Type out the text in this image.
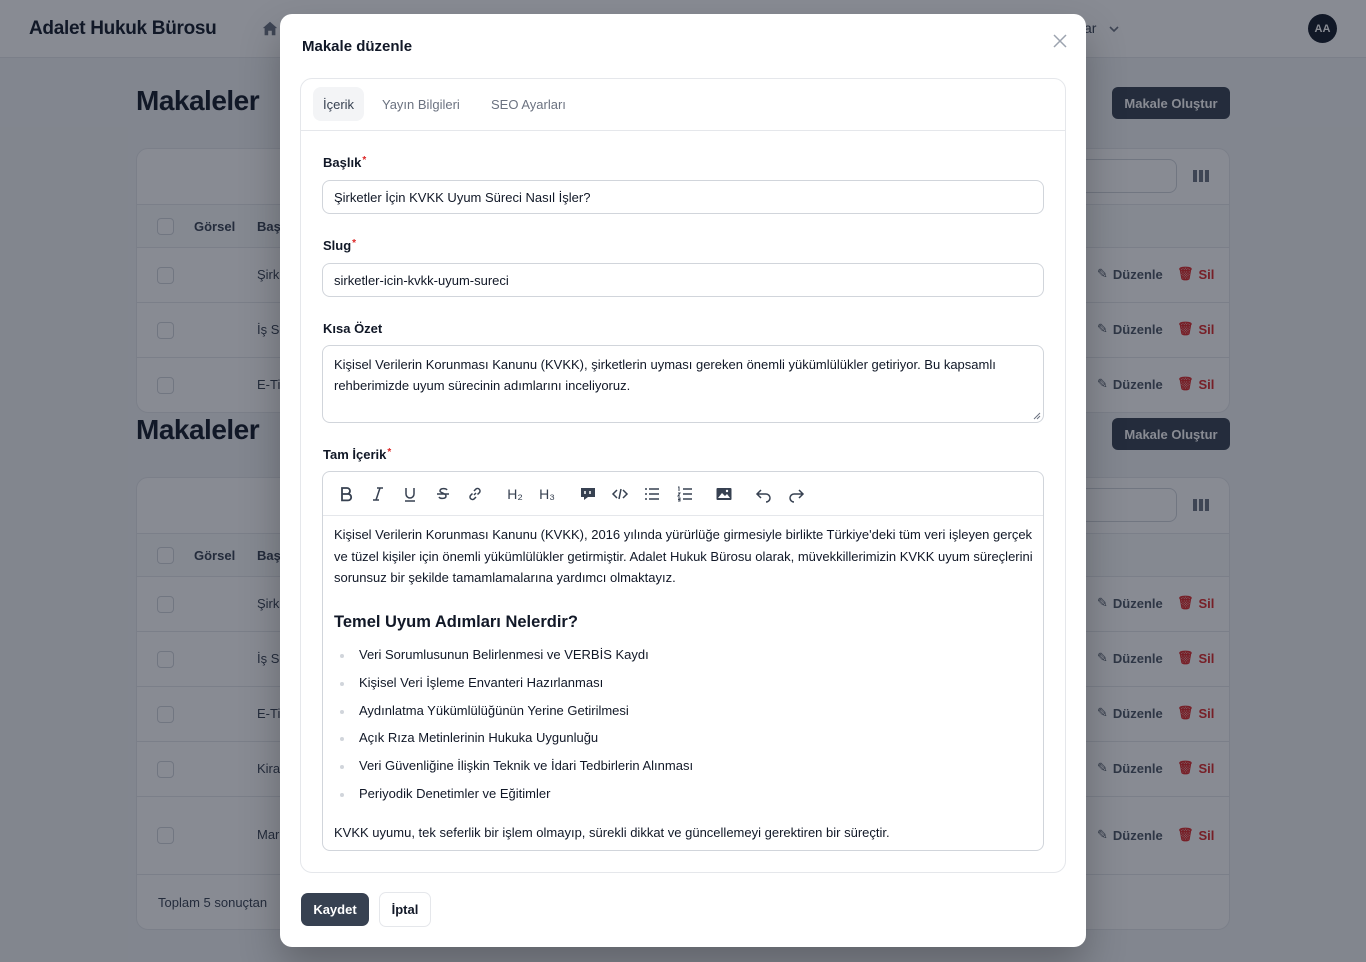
Makale düzenle
İçerik	Yayın Bilgileri	SEO Ayarları
Başlık*
Şirketler İçin KVKK Uyum Süreci Nasıl İşler?
Slug*
sirketler-icin-kvkk-uyum-sureci
Kısa Özet
Kişisel Verilerin Korunması Kanunu (KVKK), şirketlerin uyması gereken önemli yükümlülükler getiriyor. Bu kapsamlı rehberimizde uyum sürecinin adımlarını inceliyoruz.
Tam İçerik*
H₂ H₃
Kişisel Verilerin Korunması Kanunu (KVKK), 2016 yılında yürürlüğe girmesiyle birlikte Türkiye'deki tüm veri işleyen gerçek ve tüzel kişiler için önemli yükümlülükler getirmiştir. Adalet Hukuk Bürosu olarak, müvekkillerimizin KVKK uyum süreçlerini sorunsuz bir şekilde tamamlamalarına yardımcı olmaktayız.
Temel Uyum Adımları Nelerdir?
Veri Sorumlusunun Belirlenmesi ve VERBİS Kaydı
Kişisel Veri İşleme Envanteri Hazırlanması
Aydınlatma Yükümlülüğünün Yerine Getirilmesi
Açık Rıza Metinlerinin Hukuka Uygunluğu
Veri Güvenliğine İlişkin Teknik ve İdari Tedbirlerin Alınması
Periyodik Denetimler ve Eğitimler
KVKK uyumu, tek seferlik bir işlem olmayıp, sürekli dikkat ve güncellemeyi gerektiren bir süreçtir.
Kaydet	İptal
